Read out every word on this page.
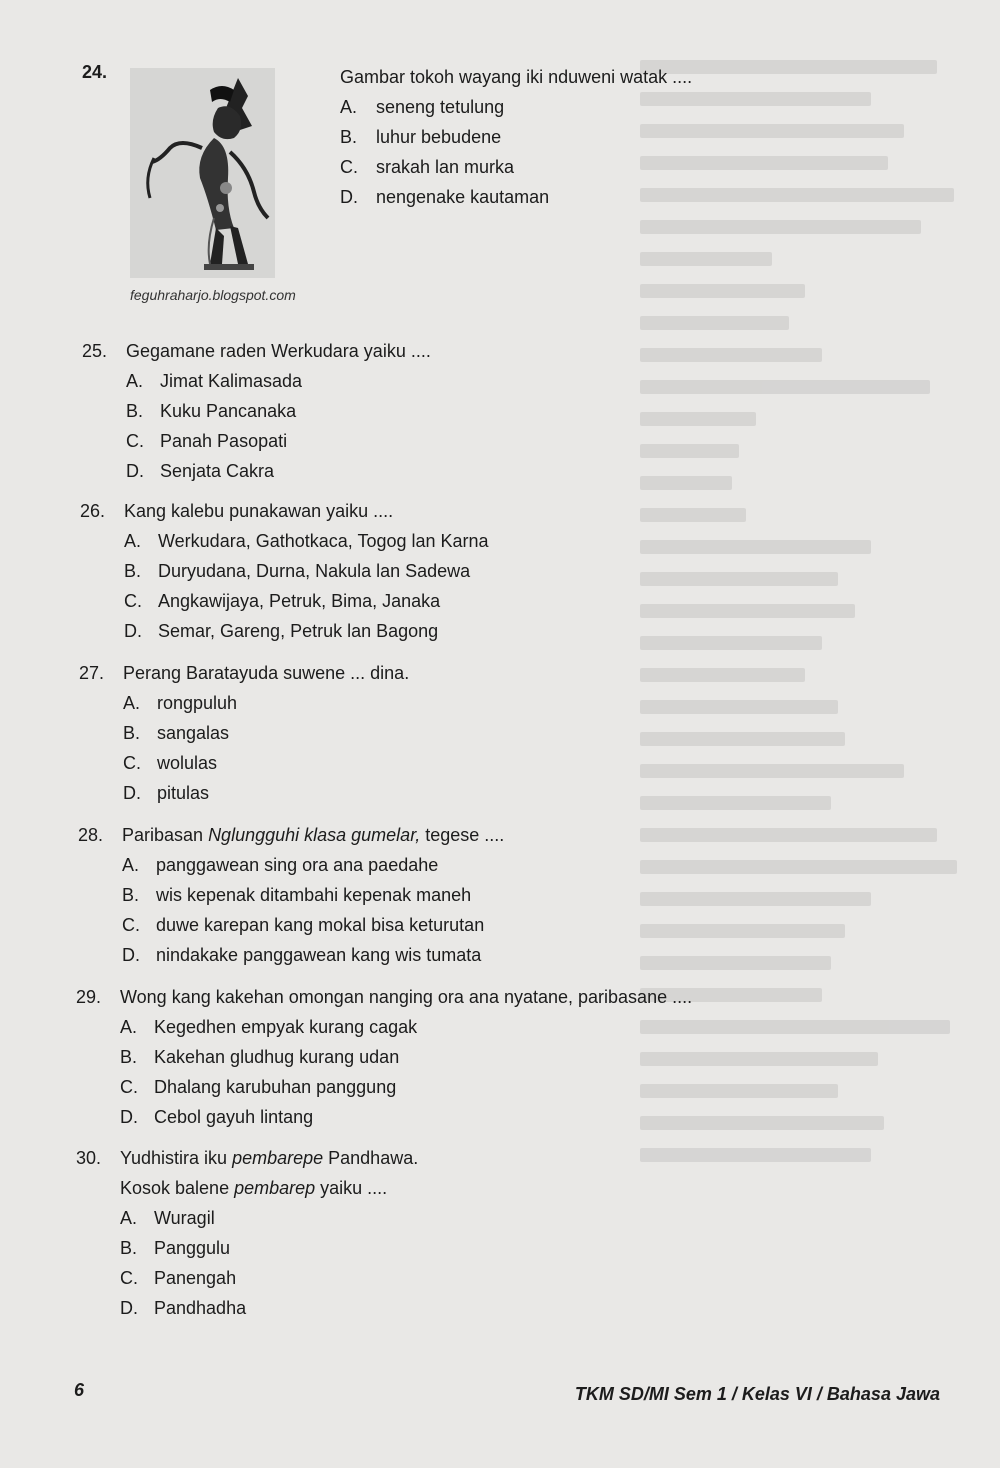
24.
feguhraharjo.blogspot.com
Gambar tokoh wayang iki nduweni watak ....
A. seneng tetulung
B. luhur bebudene
C. srakah lan murka
D. nengenake kautaman
25. Gegamane raden Werkudara yaiku ....
A. Jimat Kalimasada
B. Kuku Pancanaka
C. Panah Pasopati
D. Senjata Cakra
26. Kang kalebu punakawan yaiku ....
A. Werkudara, Gathotkaca, Togog lan Karna
B. Duryudana, Durna, Nakula lan Sadewa
C. Angkawijaya, Petruk, Bima, Janaka
D. Semar, Gareng, Petruk lan Bagong
27. Perang Baratayuda suwene ... dina.
A. rongpuluh
B. sangalas
C. wolulas
D. pitulas
28. Paribasan Nglungguhi klasa gumelar, tegese ....
A. panggawean sing ora ana paedahe
B. wis kepenak ditambahi kepenak maneh
C. duwe karepan kang mokal bisa keturutan
D. nindakake panggawean kang wis tumata
29. Wong kang kakehan omongan nanging ora ana nyatane, paribasane ....
A. Kegedhen empyak kurang cagak
B. Kakehan gludhug kurang udan
C. Dhalang karubuhan panggung
D. Cebol gayuh lintang
30. Yudhistira iku pembarepe Pandhawa.
Kosok balene pembarep yaiku ....
A. Wuragil
B. Panggulu
C. Panengah
D. Pandhadha
6	TKM SD/MI Sem 1 / Kelas VI / Bahasa Jawa
